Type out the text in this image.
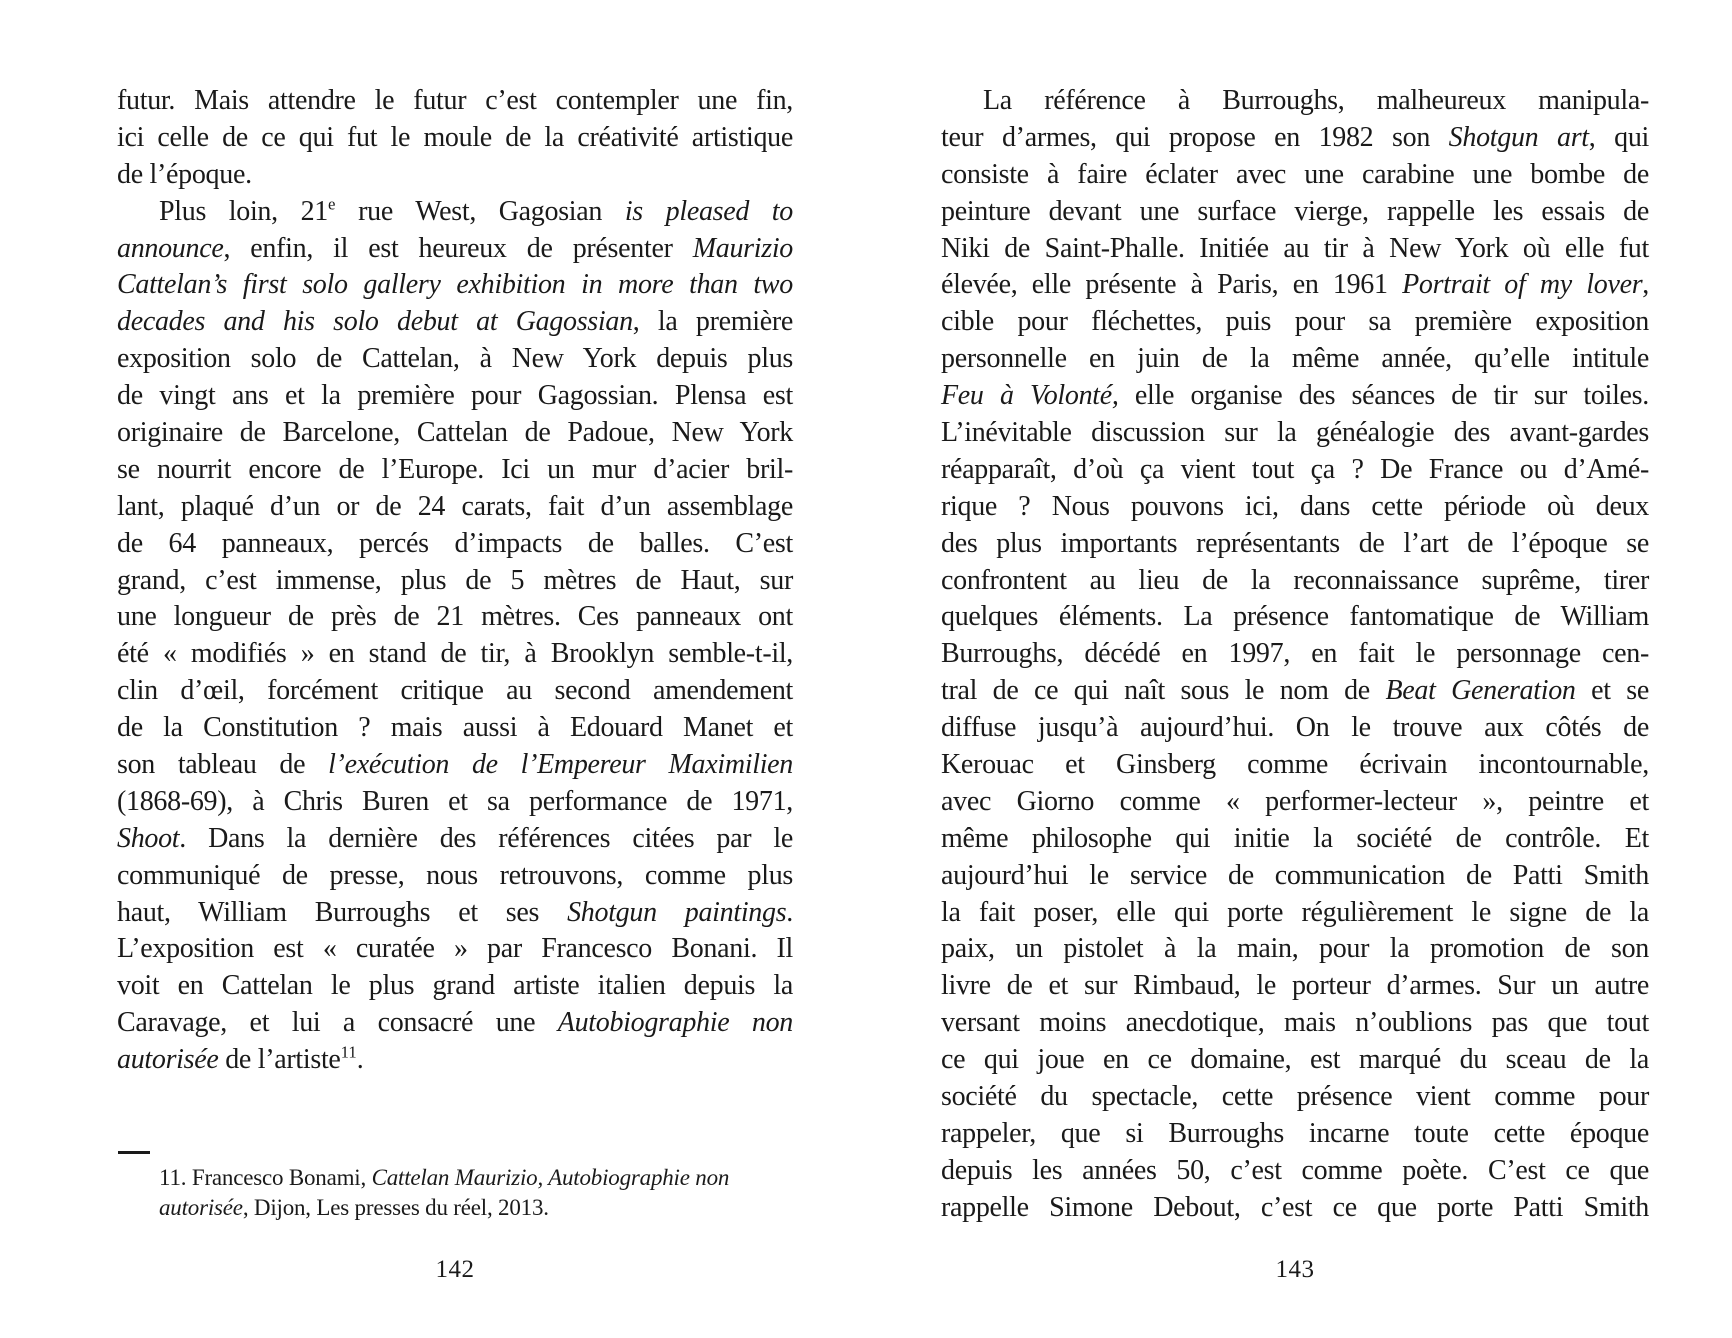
futur. Mais attendre le futur c’est contempler une fin,
ici celle de ce qui fut le moule de la créativité artistique
de l’époque.
Plus loin, 21e rue West, Gagosian is pleased to
announce, enfin, il est heureux de présenter Maurizio
Cattelan’s first solo gallery exhibition in more than two
decades and his solo debut at Gagossian, la première
exposition solo de Cattelan, à New York depuis plus
de vingt ans et la première pour Gagossian. Plensa est
originaire de Barcelone, Cattelan de Padoue, New York
se nourrit encore de l’Europe. Ici un mur d’acier bril-
lant, plaqué d’un or de 24 carats, fait d’un assemblage
de 64 panneaux, percés d’impacts de balles. C’est
grand, c’est immense, plus de 5 mètres de Haut, sur
une longueur de près de 21 mètres. Ces panneaux ont
été « modifiés » en stand de tir, à Brooklyn semble-t-il,
clin d’œil, forcément critique au second amendement
de la Constitution ? mais aussi à Edouard Manet et
son tableau de l’exécution de l’Empereur Maximilien
(1868-69), à Chris Buren et sa performance de 1971,
Shoot. Dans la dernière des références citées par le
communiqué de presse, nous retrouvons, comme plus
haut, William Burroughs et ses Shotgun paintings.
L’exposition est « curatée » par Francesco Bonani. Il
voit en Cattelan le plus grand artiste italien depuis la
Caravage, et lui a consacré une Autobiographie non
autorisée de l’artiste$^{11}$.
11. Francesco Bonami, Cattelan Maurizio, Autobiographie non
autorisée, Dijon, Les presses du réel, 2013.
142
La référence à Burroughs, malheureux manipula-
teur d’armes, qui propose en 1982 son Shotgun art, qui
consiste à faire éclater avec une carabine une bombe de
peinture devant une surface vierge, rappelle les essais de
Niki de Saint-Phalle. Initiée au tir à New York où elle fut
élevée, elle présente à Paris, en 1961 Portrait of my lover,
cible pour fléchettes, puis pour sa première exposition
personnelle en juin de la même année, qu’elle intitule
Feu à Volonté, elle organise des séances de tir sur toiles.
L’inévitable discussion sur la généalogie des avant-gardes
réapparaît, d’où ça vient tout ça ? De France ou d’Amé-
rique ? Nous pouvons ici, dans cette période où deux
des plus importants représentants de l’art de l’époque se
confrontent au lieu de la reconnaissance suprême, tirer
quelques éléments. La présence fantomatique de William
Burroughs, décédé en 1997, en fait le personnage cen-
tral de ce qui naît sous le nom de Beat Generation et se
diffuse jusqu’à aujourd’hui. On le trouve aux côtés de
Kerouac et Ginsberg comme écrivain incontournable,
avec Giorno comme « performer-lecteur », peintre et
même philosophe qui initie la société de contrôle. Et
aujourd’hui le service de communication de Patti Smith
la fait poser, elle qui porte régulièrement le signe de la
paix, un pistolet à la main, pour la promotion de son
livre de et sur Rimbaud, le porteur d’armes. Sur un autre
versant moins anecdotique, mais n’oublions pas que tout
ce qui joue en ce domaine, est marqué du sceau de la
société du spectacle, cette présence vient comme pour
rappeler, que si Burroughs incarne toute cette époque
depuis les années 50, c’est comme poète. C’est ce que
rappelle Simone Debout, c’est ce que porte Patti Smith
143
